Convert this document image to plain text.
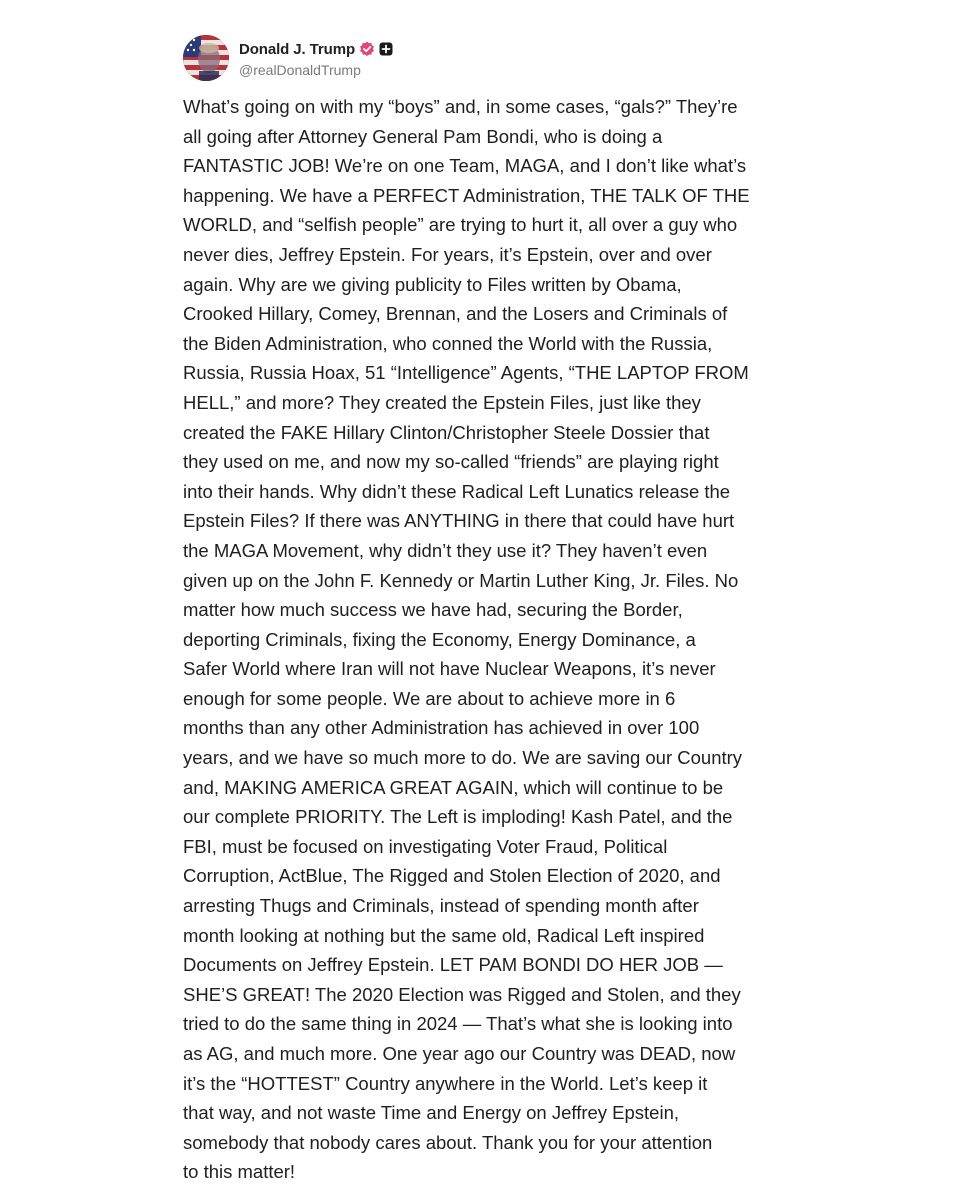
Donald J. Trump
@realDonaldTrump
What’s going on with my “boys” and, in some cases, “gals?” They’re
all going after Attorney General Pam Bondi, who is doing a
FANTASTIC JOB! We’re on one Team, MAGA, and I don’t like what’s
happening. We have a PERFECT Administration, THE TALK OF THE
WORLD, and “selfish people” are trying to hurt it, all over a guy who
never dies, Jeffrey Epstein. For years, it’s Epstein, over and over
again. Why are we giving publicity to Files written by Obama,
Crooked Hillary, Comey, Brennan, and the Losers and Criminals of
the Biden Administration, who conned the World with the Russia,
Russia, Russia Hoax, 51 “Intelligence” Agents, “THE LAPTOP FROM
HELL,” and more? They created the Epstein Files, just like they
created the FAKE Hillary Clinton/Christopher Steele Dossier that
they used on me, and now my so-called “friends” are playing right
into their hands. Why didn’t these Radical Left Lunatics release the
Epstein Files? If there was ANYTHING in there that could have hurt
the MAGA Movement, why didn’t they use it? They haven’t even
given up on the John F. Kennedy or Martin Luther King, Jr. Files. No
matter how much success we have had, securing the Border,
deporting Criminals, fixing the Economy, Energy Dominance, a
Safer World where Iran will not have Nuclear Weapons, it’s never
enough for some people. We are about to achieve more in 6
months than any other Administration has achieved in over 100
years, and we have so much more to do. We are saving our Country
and, MAKING AMERICA GREAT AGAIN, which will continue to be
our complete PRIORITY. The Left is imploding! Kash Patel, and the
FBI, must be focused on investigating Voter Fraud, Political
Corruption, ActBlue, The Rigged and Stolen Election of 2020, and
arresting Thugs and Criminals, instead of spending month after
month looking at nothing but the same old, Radical Left inspired
Documents on Jeffrey Epstein. LET PAM BONDI DO HER JOB —
SHE’S GREAT! The 2020 Election was Rigged and Stolen, and they
tried to do the same thing in 2024 — That’s what she is looking into
as AG, and much more. One year ago our Country was DEAD, now
it’s the “HOTTEST” Country anywhere in the World. Let’s keep it
that way, and not waste Time and Energy on Jeffrey Epstein,
somebody that nobody cares about. Thank you for your attention
to this matter!
